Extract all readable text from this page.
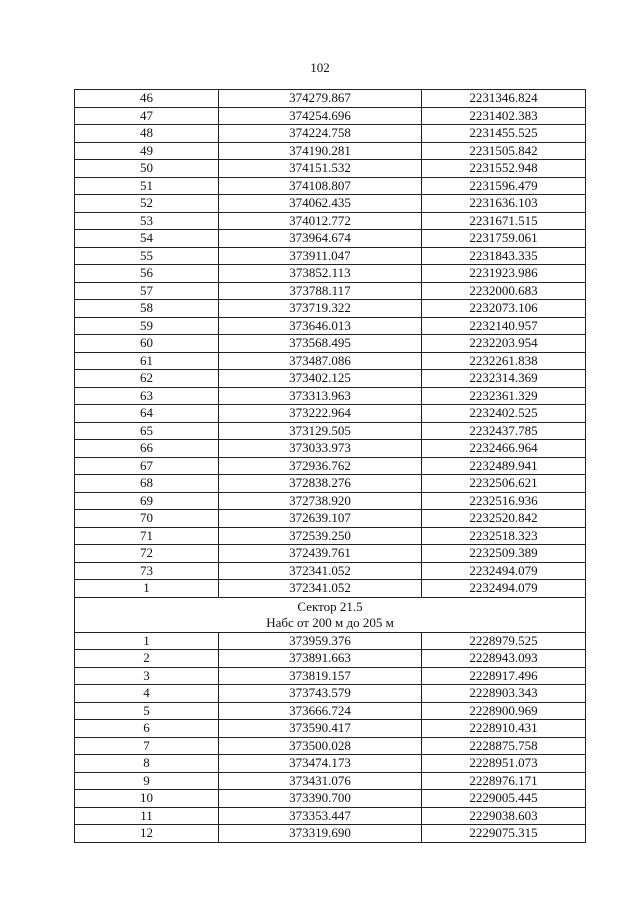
102
46	374279.867	2231346.824
47	374254.696	2231402.383
48	374224.758	2231455.525
49	374190.281	2231505.842
50	374151.532	2231552.948
51	374108.807	2231596.479
52	374062.435	2231636.103
53	374012.772	2231671.515
54	373964.674	2231759.061
55	373911.047	2231843.335
56	373852.113	2231923.986
57	373788.117	2232000.683
58	373719.322	2232073.106
59	373646.013	2232140.957
60	373568.495	2232203.954
61	373487.086	2232261.838
62	373402.125	2232314.369
63	373313.963	2232361.329
64	373222.964	2232402.525
65	373129.505	2232437.785
66	373033.973	2232466.964
67	372936.762	2232489.941
68	372838.276	2232506.621
69	372738.920	2232516.936
70	372639.107	2232520.842
71	372539.250	2232518.323
72	372439.761	2232509.389
73	372341.052	2232494.079
1	372341.052	2232494.079

Сектор 21.5
Набс от 200 м до 205 м		

1	373959.376	2228979.525
2	373891.663	2228943.093
3	373819.157	2228917.496
4	373743.579	2228903.343
5	373666.724	2228900.969
6	373590.417	2228910.431
7	373500.028	2228875.758
8	373474.173	2228951.073
9	373431.076	2228976.171
10	373390.700	2229005.445
11	373353.447	2229038.603
12	373319.690	2229075.315
